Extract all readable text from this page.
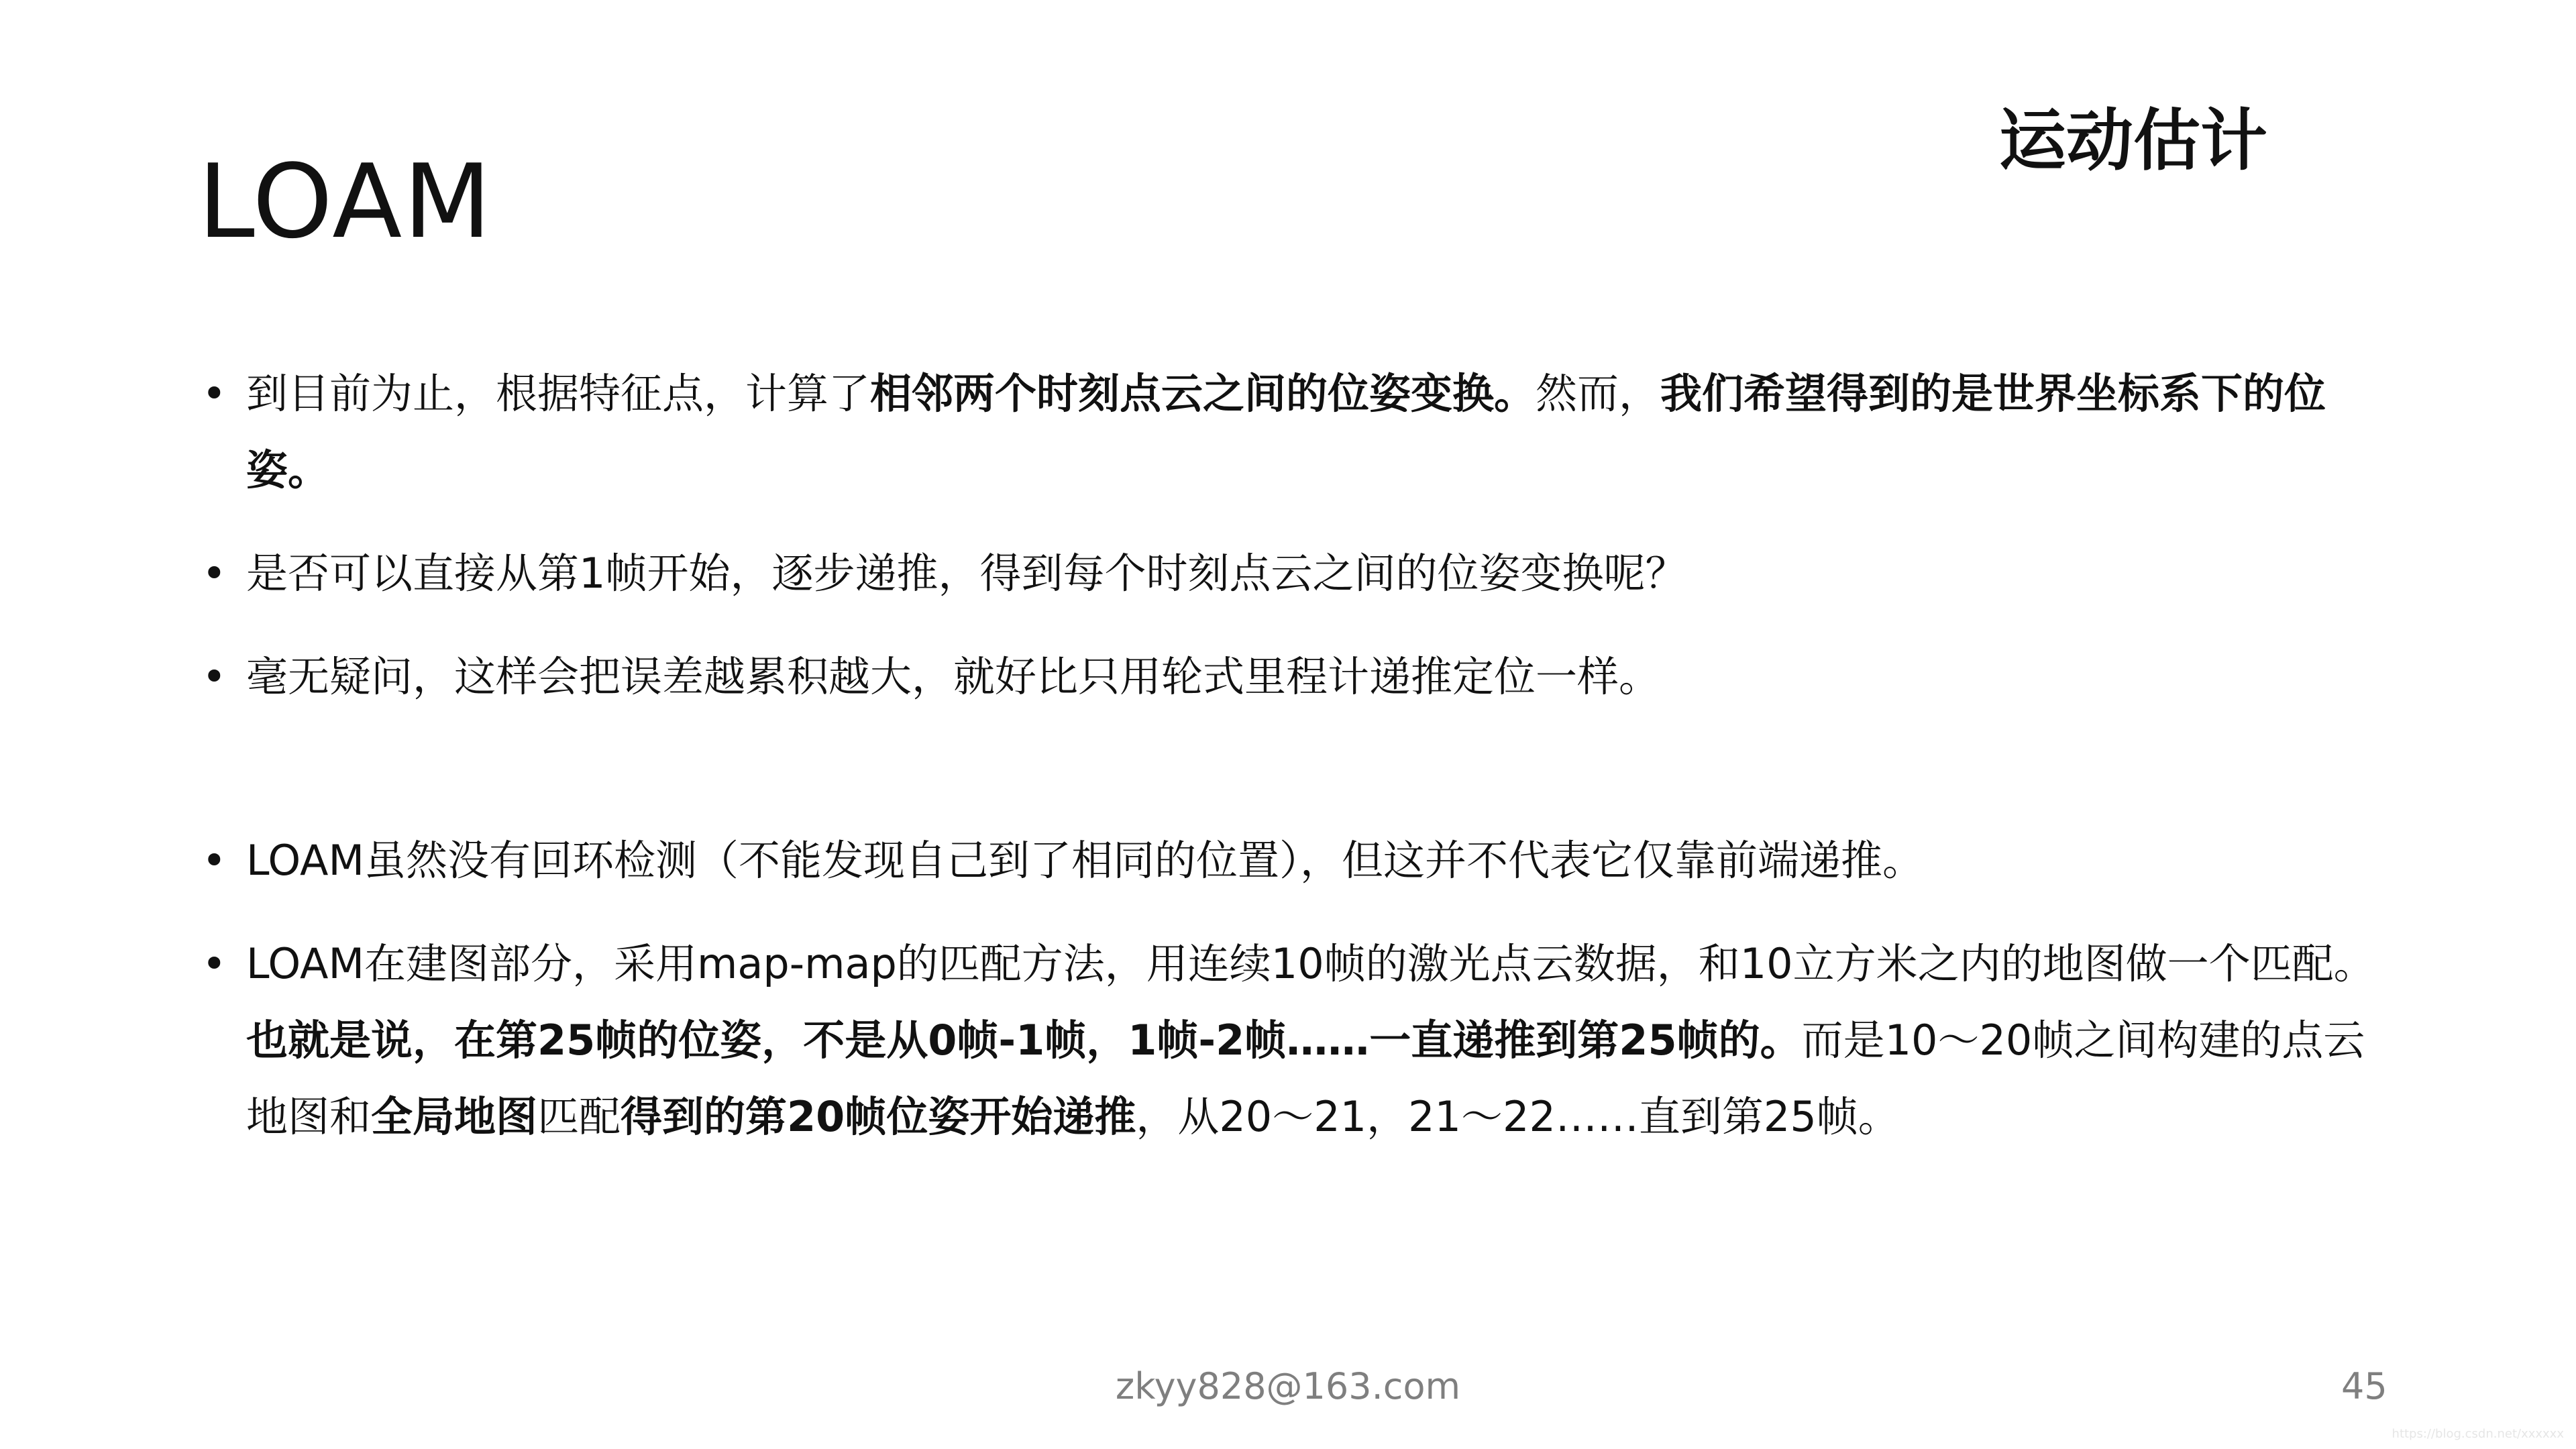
运动估计
LOAM
• 到目前为止，根据特征点，计算了相邻两个时刻点云之间的位姿变换。然而，我们希望得到的是世界坐标系下的位姿。
• 是否可以直接从第1帧开始，逐步递推，得到每个时刻点云之间的位姿变换呢？
• 毫无疑问，这样会把误差越累积越大，就好比只用轮式里程计递推定位一样。
• LOAM虽然没有回环检测（不能发现自己到了相同的位置），但这并不代表它仅靠前端递推。
• LOAM在建图部分，采用map-map的匹配方法，用连续10帧的激光点云数据，和10立方米之内的地图做一个匹配。 也就是说，在第25帧的位姿，不是从0帧-1帧，1帧-2帧……一直递推到第25帧的。而是10～20帧之间构建的点云地图和全局地图匹配得到的第20帧位姿开始递推，从20～21，21～22……直到第25帧。
zkyy828@163.com	45
https://blog.csdn.net/xxxxxx
